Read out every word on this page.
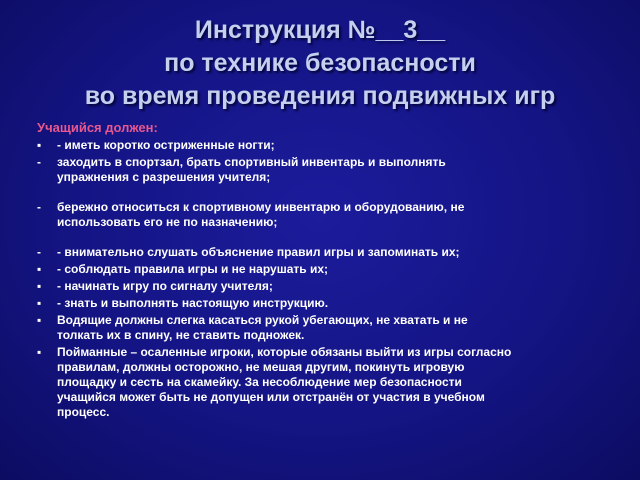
Инструкция №__3__
по технике безопасности
во время проведения подвижных игр
Учащийся должен:
▪	- иметь коротко остриженные ногти;
-	заходить в спортзал, брать спортивный инвентарь и выполнять
упражнения с разрешения учителя;
-	бережно относиться к спортивному инвентарю и оборудованию, не
использовать его не по назначению;
-	- внимательно слушать объяснение правил игры и запоминать их;
▪	- соблюдать правила игры и не нарушать их;
▪	- начинать игру по сигналу учителя;
▪	- знать и выполнять настоящую инструкцию.
▪	Водящие должны слегка касаться рукой убегающих, не хватать и не
толкать их в спину, не ставить подножек.
▪	Пойманные – осаленные игроки, которые обязаны выйти из игры согласно
правилам, должны осторожно, не мешая другим, покинуть игровую
площадку и сесть на скамейку. За несоблюдение мер безопасности
учащийся может быть не допущен или отстранён от участия в учебном
процесс.
